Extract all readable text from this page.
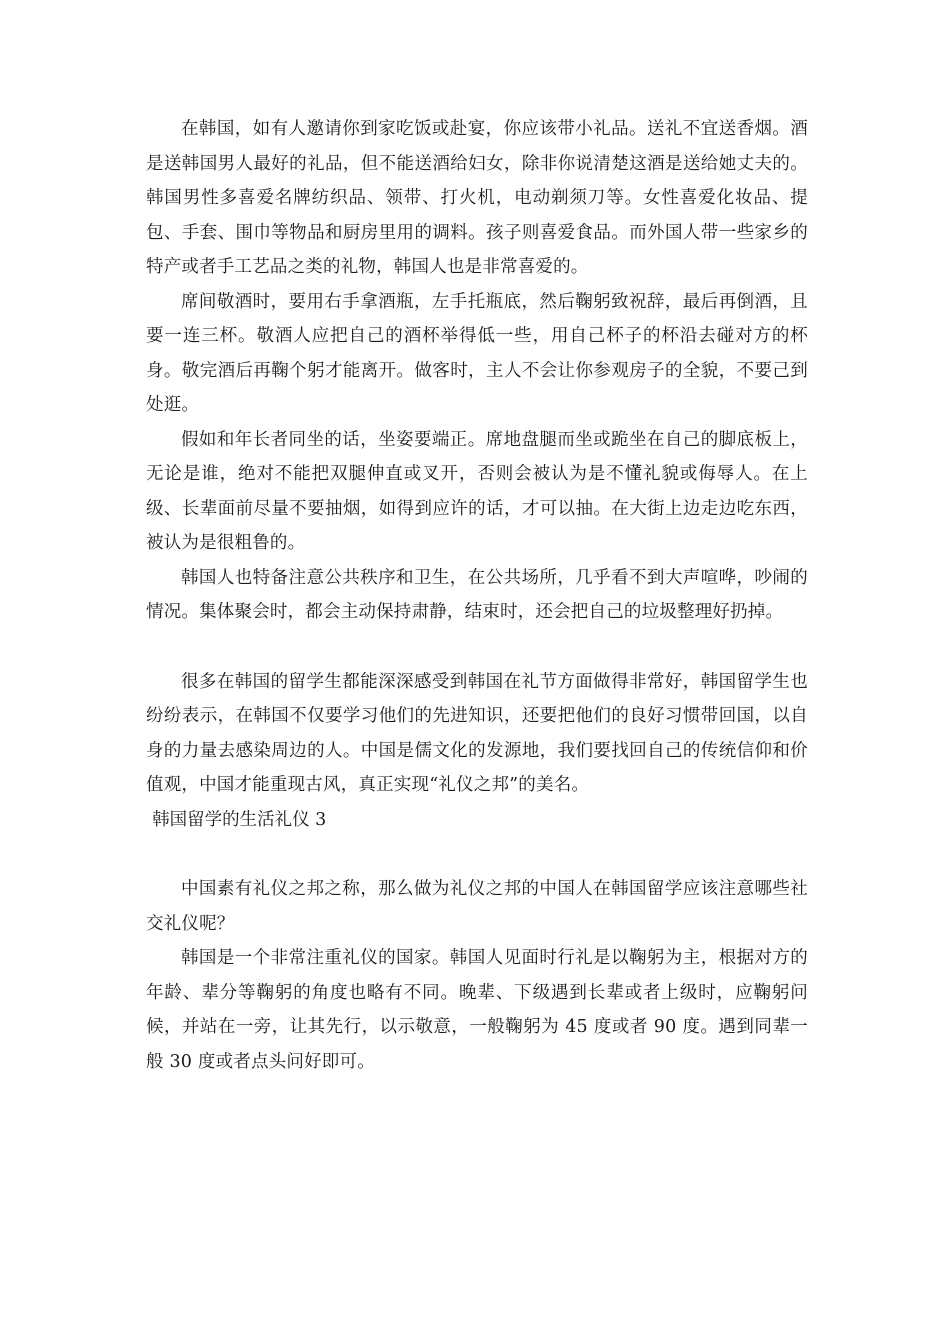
在韩国，如有人邀请你到家吃饭或赴宴，你应该带小礼品。送礼不宜送香烟。酒是送韩国男人最好的礼品，但不能送酒给妇女，除非你说清楚这酒是送给她丈夫的。韩国男性多喜爱名牌纺织品、领带、打火机，电动剃须刀等。女性喜爱化妆品、提包、手套、围巾等物品和厨房里用的调料。孩子则喜爱食品。而外国人带一些家乡的特产或者手工艺品之类的礼物，韩国人也是非常喜爱的。

席间敬酒时，要用右手拿酒瓶，左手托瓶底，然后鞠躬致祝辞，最后再倒酒，且要一连三杯。敬酒人应把自己的酒杯举得低一些，用自己杯子的杯沿去碰对方的杯身。敬完酒后再鞠个躬才能离开。做客时，主人不会让你参观房子的全貌，不要己到处逛。

假如和年长者同坐的话，坐姿要端正。席地盘腿而坐或跪坐在自己的脚底板上，无论是谁，绝对不能把双腿伸直或叉开，否则会被认为是不懂礼貌或侮辱人。在上级、长辈面前尽量不要抽烟，如得到应许的话，才可以抽。在大街上边走边吃东西，被认为是很粗鲁的。

韩国人也特备注意公共秩序和卫生，在公共场所，几乎看不到大声喧哗，吵闹的情况。集体聚会时，都会主动保持肃静，结束时，还会把自己的垃圾整理好扔掉。

很多在韩国的留学生都能深深感受到韩国在礼节方面做得非常好，韩国留学生也纷纷表示，在韩国不仅要学习他们的先进知识，还要把他们的良好习惯带回国，以自身的力量去感染周边的人。中国是儒文化的发源地，我们要找回自己的传统信仰和价值观，中国才能重现古风，真正实现“礼仪之邦”的美名。

韩国留学的生活礼仪 3

中国素有礼仪之邦之称，那么做为礼仪之邦的中国人在韩国留学应该注意哪些社交礼仪呢？

韩国是一个非常注重礼仪的国家。韩国人见面时行礼是以鞠躬为主，根据对方的年龄、辈分等鞠躬的角度也略有不同。晚辈、下级遇到长辈或者上级时，应鞠躬问候，并站在一旁，让其先行，以示敬意，一般鞠躬为 45 度或者 90 度。遇到同辈一般 30 度或者点头问好即可。
